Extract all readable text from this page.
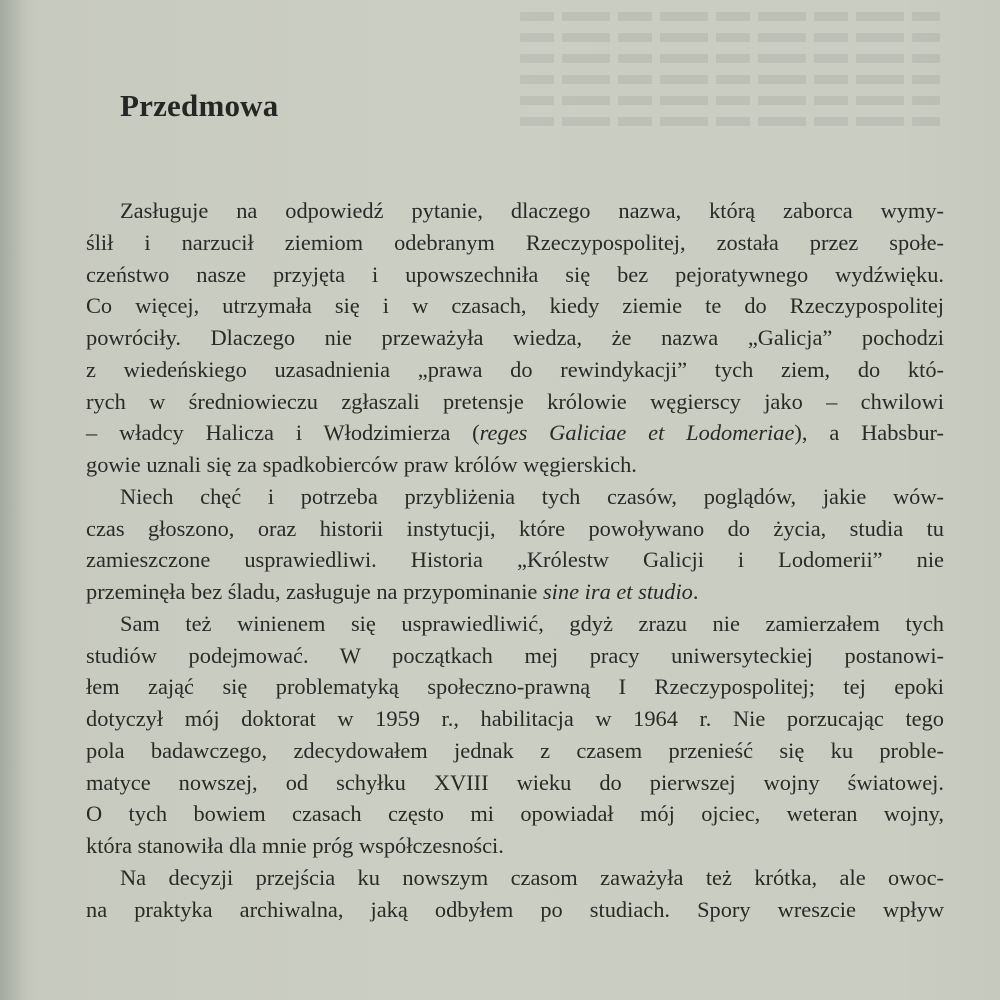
Przedmowa
Zasługuje na odpowiedź pytanie, dlaczego nazwa, którą zaborca wymy-
ślił i narzucił ziemiom odebranym Rzeczypospolitej, została przez społe-
czeństwo nasze przyjęta i upowszechniła się bez pejoratywnego wydźwięku.
Co więcej, utrzymała się i w czasach, kiedy ziemie te do Rzeczypospolitej
powróciły. Dlaczego nie przeważyła wiedza, że nazwa „Galicja” pochodzi
z wiedeńskiego uzasadnienia „prawa do rewindykacji” tych ziem, do któ-
rych w średniowieczu zgłaszali pretensje królowie węgierscy jako – chwilowi
– władcy Halicza i Włodzimierza (reges Galiciae et Lodomeriae), a Habsbur-
gowie uznali się za spadkobierców praw królów węgierskich.
Niech chęć i potrzeba przybliżenia tych czasów, poglądów, jakie wów-
czas głoszono, oraz historii instytucji, które powoływano do życia, studia tu
zamieszczone usprawiedliwi. Historia „Królestw Galicji i Lodomerii” nie
przeminęła bez śladu, zasługuje na przypominanie sine ira et studio.
Sam też winienem się usprawiedliwić, gdyż zrazu nie zamierzałem tych
studiów podejmować. W początkach mej pracy uniwersyteckiej postanowi-
łem zająć się problematyką społeczno-prawną I Rzeczypospolitej; tej epoki
dotyczył mój doktorat w 1959 r., habilitacja w 1964 r. Nie porzucając tego
pola badawczego, zdecydowałem jednak z czasem przenieść się ku proble-
matyce nowszej, od schyłku XVIII wieku do pierwszej wojny światowej.
O tych bowiem czasach często mi opowiadał mój ojciec, weteran wojny,
która stanowiła dla mnie próg współczesności.
Na decyzji przejścia ku nowszym czasom zaważyła też krótka, ale owoc-
na praktyka archiwalna, jaką odbyłem po studiach. Spory wreszcie wpływ
